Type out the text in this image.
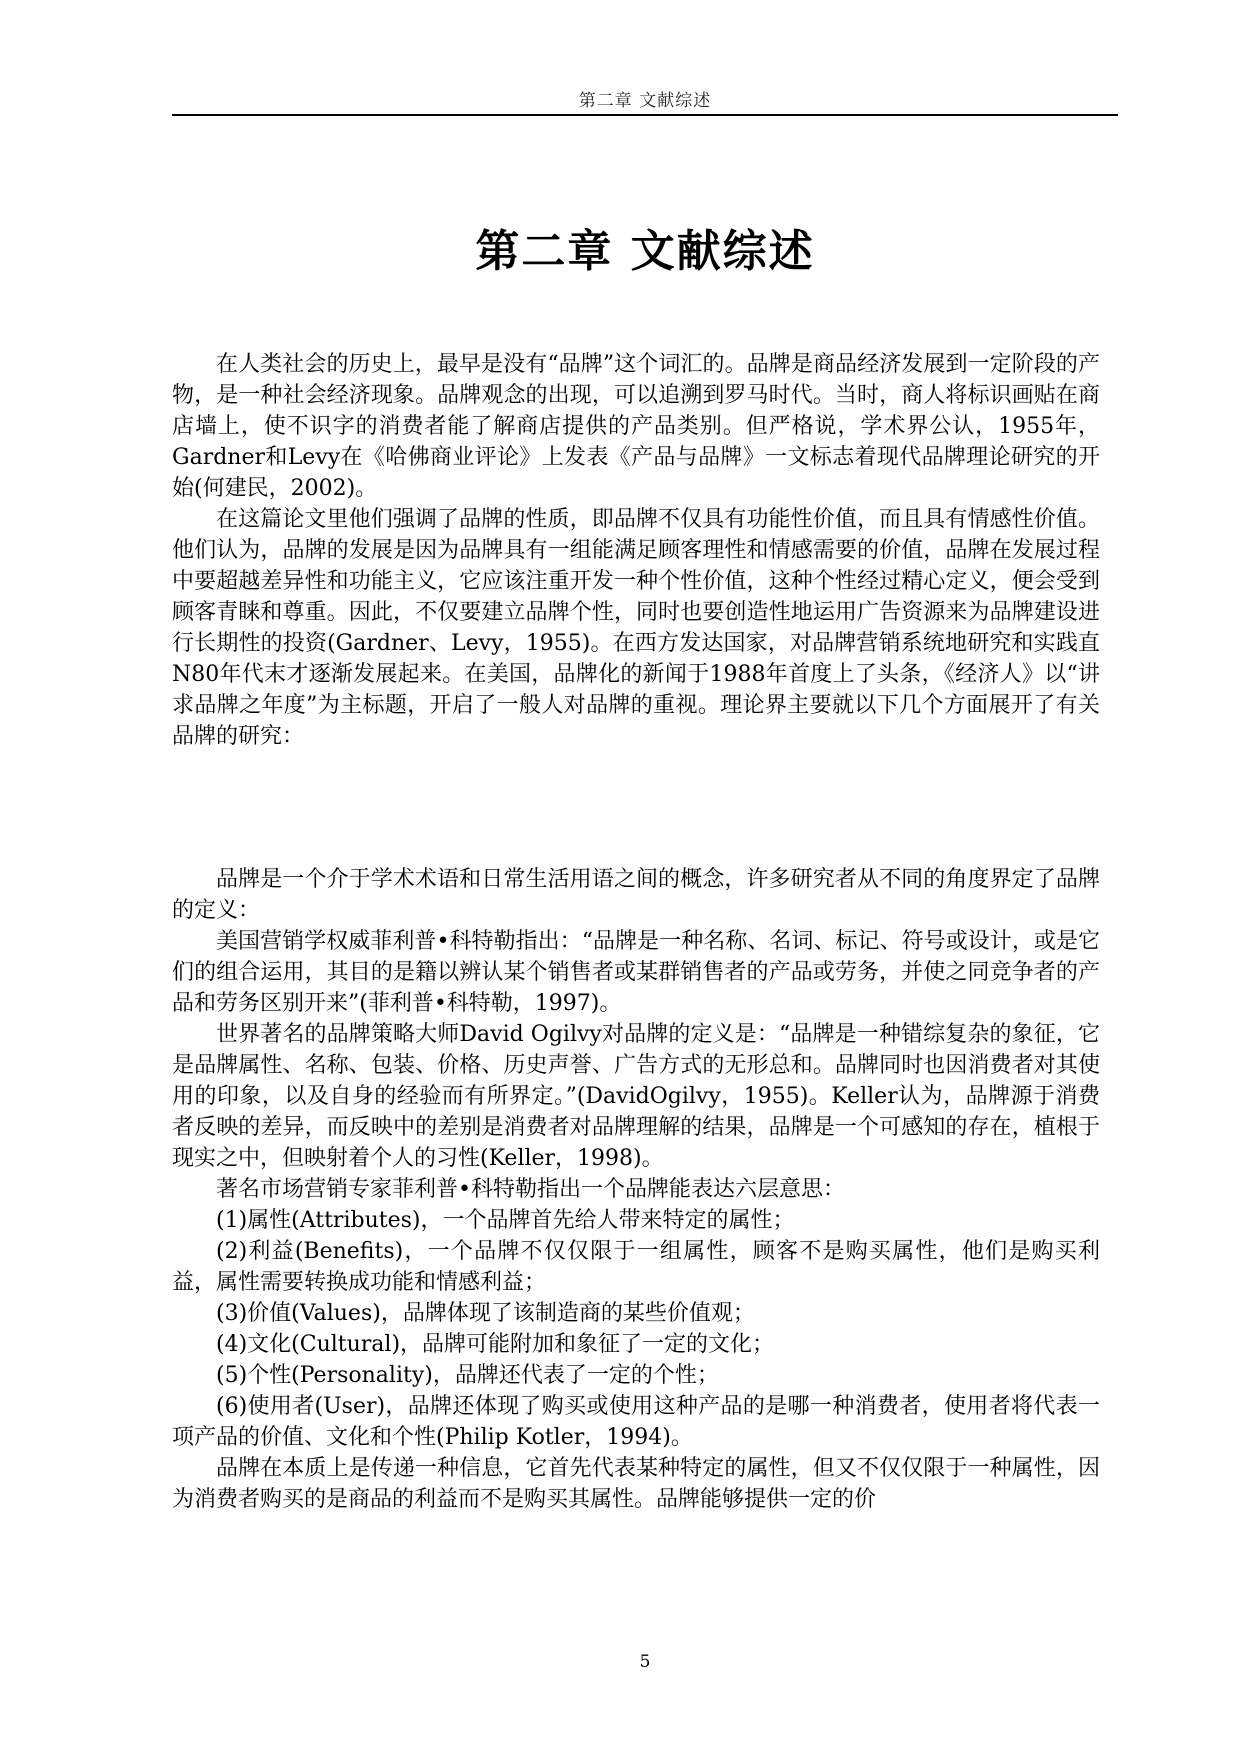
第二章 文献综述
第二章 文献综述

在人类社会的历史上，最早是没有“品牌”这个词汇的。品牌是商品经济发展到一定阶段的产物，是一种社会经济现象。品牌观念的出现，可以追溯到罗马时代。当时，商人将标识画贴在商店墙上，使不识字的消费者能了解商店提供的产品类别。但严格说，学术界公认，1955年，Gardner和Levy在《哈佛商业评论》上发表《产品与品牌》一文标志着现代品牌理论研究的开始(何建民，2002)。

在这篇论文里他们强调了品牌的性质，即品牌不仅具有功能性价值，而且具有情感性价值。他们认为，品牌的发展是因为品牌具有一组能满足顾客理性和情感需要的价值，品牌在发展过程中要超越差异性和功能主义，它应该注重开发一种个性价值，这种个性经过精心定义，便会受到顾客青睐和尊重。因此，不仅要建立品牌个性，同时也要创造性地运用广告资源来为品牌建设进行长期性的投资(Gardner、Levy，1955)。在西方发达国家，对品牌营销系统地研究和实践直N80年代末才逐渐发展起来。在美国，品牌化的新闻于1988年首度上了头条，《经济人》以“讲求品牌之年度”为主标题，开启了一般人对品牌的重视。理论界主要就以下几个方面展开了有关品牌的研究：

品牌是一个介于学术术语和日常生活用语之间的概念，许多研究者从不同的角度界定了品牌的定义：

美国营销学权威菲利普•科特勒指出：“品牌是一种名称、名词、标记、符号或设计，或是它们的组合运用，其目的是籍以辨认某个销售者或某群销售者的产品或劳务，并使之同竞争者的产品和劳务区别开来”(菲利普•科特勒，1997)。

世界著名的品牌策略大师David Ogilvy对品牌的定义是：“品牌是一种错综复杂的象征，它是品牌属性、名称、包装、价格、历史声誉、广告方式的无形总和。品牌同时也因消费者对其使用的印象，以及自身的经验而有所界定。”(DavidOgilvy，1955)。Keller认为，品牌源于消费者反映的差异，而反映中的差别是消费者对品牌理解的结果，品牌是一个可感知的存在，植根于现实之中，但映射着个人的习性(Keller，1998)。

著名市场营销专家菲利普•科特勒指出一个品牌能表达六层意思：

(1)属性(Attributes)，一个品牌首先给人带来特定的属性；

(2)利益(Benefits)，一个品牌不仅仅限于一组属性，顾客不是购买属性，他们是购买利益，属性需要转换成功能和情感利益；

(3)价值(Values)，品牌体现了该制造商的某些价值观；

(4)文化(Cultural)，品牌可能附加和象征了一定的文化；

(5)个性(Personality)，品牌还代表了一定的个性；

(6)使用者(User)，品牌还体现了购买或使用这种产品的是哪一种消费者，使用者将代表一项产品的价值、文化和个性(Philip Kotler，1994)。

品牌在本质上是传递一种信息，它首先代表某种特定的属性，但又不仅仅限于一种属性，因为消费者购买的是商品的利益而不是购买其属性。品牌能够提供一定的价

5
